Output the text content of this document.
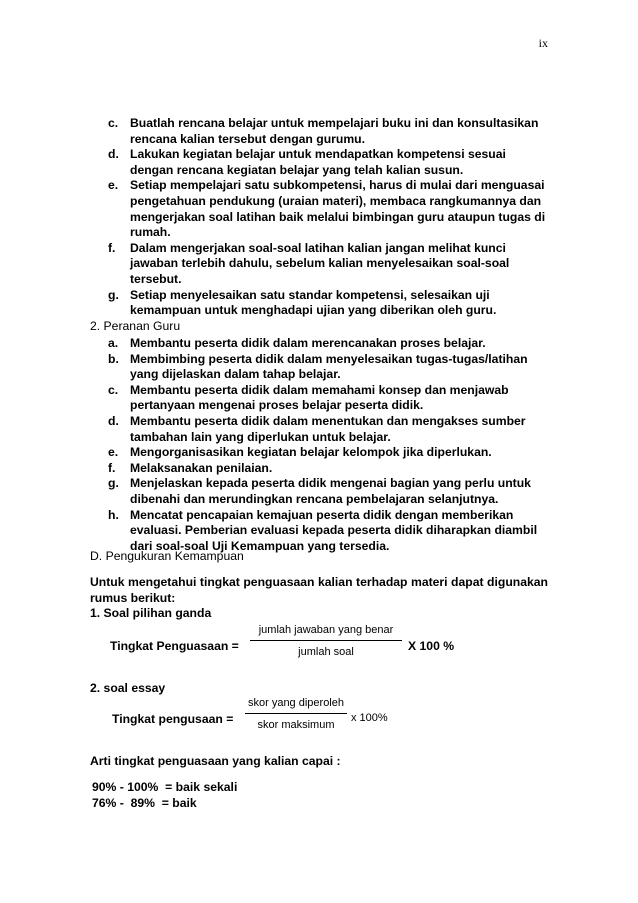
ix
c. Buatlah rencana belajar untuk mempelajari buku ini dan konsultasikan rencana kalian tersebut dengan gurumu.
d. Lakukan kegiatan belajar untuk mendapatkan kompetensi sesuai dengan rencana kegiatan belajar yang telah kalian susun.
e. Setiap mempelajari satu subkompetensi, harus di mulai dari menguasai pengetahuan pendukung (uraian materi), membaca rangkumannya dan mengerjakan soal latihan baik melalui bimbingan guru ataupun tugas di rumah.
f. Dalam mengerjakan soal-soal latihan kalian jangan melihat kunci jawaban terlebih dahulu, sebelum kalian menyelesaikan soal-soal tersebut.
g. Setiap menyelesaikan satu standar kompetensi, selesaikan uji kemampuan untuk menghadapi ujian yang diberikan oleh guru.
2. Peranan Guru
a. Membantu peserta didik dalam merencanakan proses belajar.
b. Membimbing peserta didik dalam menyelesaikan tugas-tugas/latihan yang dijelaskan dalam tahap belajar.
c. Membantu peserta didik dalam memahami konsep dan menjawab pertanyaan mengenai proses belajar peserta didik.
d. Membantu peserta didik dalam menentukan dan mengakses sumber tambahan lain yang diperlukan untuk belajar.
e. Mengorganisasikan kegiatan belajar kelompok jika diperlukan.
f. Melaksanakan penilaian.
g. Menjelaskan kepada peserta didik mengenai bagian yang perlu untuk dibenahi dan merundingkan rencana pembelajaran selanjutnya.
h. Mencatat pencapaian kemajuan peserta didik dengan memberikan evaluasi. Pemberian evaluasi kepada peserta didik diharapkan diambil dari soal-soal Uji Kemampuan yang tersedia.
D. Pengukuran Kemampuan
Untuk mengetahui tingkat penguasaan kalian terhadap materi dapat digunakan rumus berikut:
1. Soal pilihan ganda
Tingkat Penguasaan =
jumlah jawaban yang benar
jumlah soal	X 100 %
2. soal essay
Tingkat pengusaan =
skor yang diperoleh
skor maksimum
x 100%
Arti tingkat penguasaan yang kalian capai :
90% - 100%  = baik sekali
76% -  89%  = baik
